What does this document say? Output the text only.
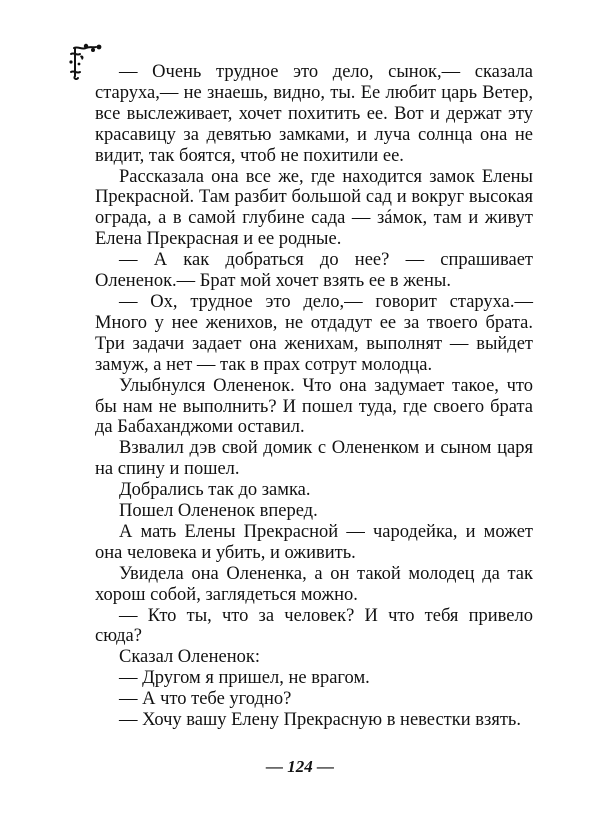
— Очень трудное это дело, сынок,— сказала старуха,— не знаешь, видно, ты. Ее любит царь Ветер, все выслеживает, хочет похитить ее. Вот и держат эту красавицу за девятью замками, и луча солнца она не видит, так боятся, чтоб не похитили ее.

Рассказала она все же, где находится замок Елены Прекрасной. Там разбит большой сад и вокруг высокая ограда, а в самой глубине сада — зáмок, там и живут Елена Прекрасная и ее родные.

— А как добраться до нее? — спрашивает Олененок.— Брат мой хочет взять ее в жены.

— Ох, трудное это дело,— говорит старуха.— Много у нее женихов, не отдадут ее за твоего брата. Три задачи задает она женихам, выполнят — выйдет замуж, а нет — так в прах сотрут молодца.

Улыбнулся Олененок. Что она задумает такое, что бы нам не выполнить? И пошел туда, где своего брата да Бабаханджоми оставил.

Взвалил дэв свой домик с Олененком и сыном царя на спину и пошел.

Добрались так до замка.

Пошел Олененок вперед.

А мать Елены Прекрасной — чародейка, и может она человека и убить, и оживить.

Увидела она Олененка, а он такой молодец да так хорош собой, заглядеться можно.

— Кто ты, что за человек? И что тебя привело сюда?

Сказал Олененок:

— Другом я пришел, не врагом.

— А что тебе угодно?

— Хочу вашу Елену Прекрасную в невестки взять.

— 124 —
